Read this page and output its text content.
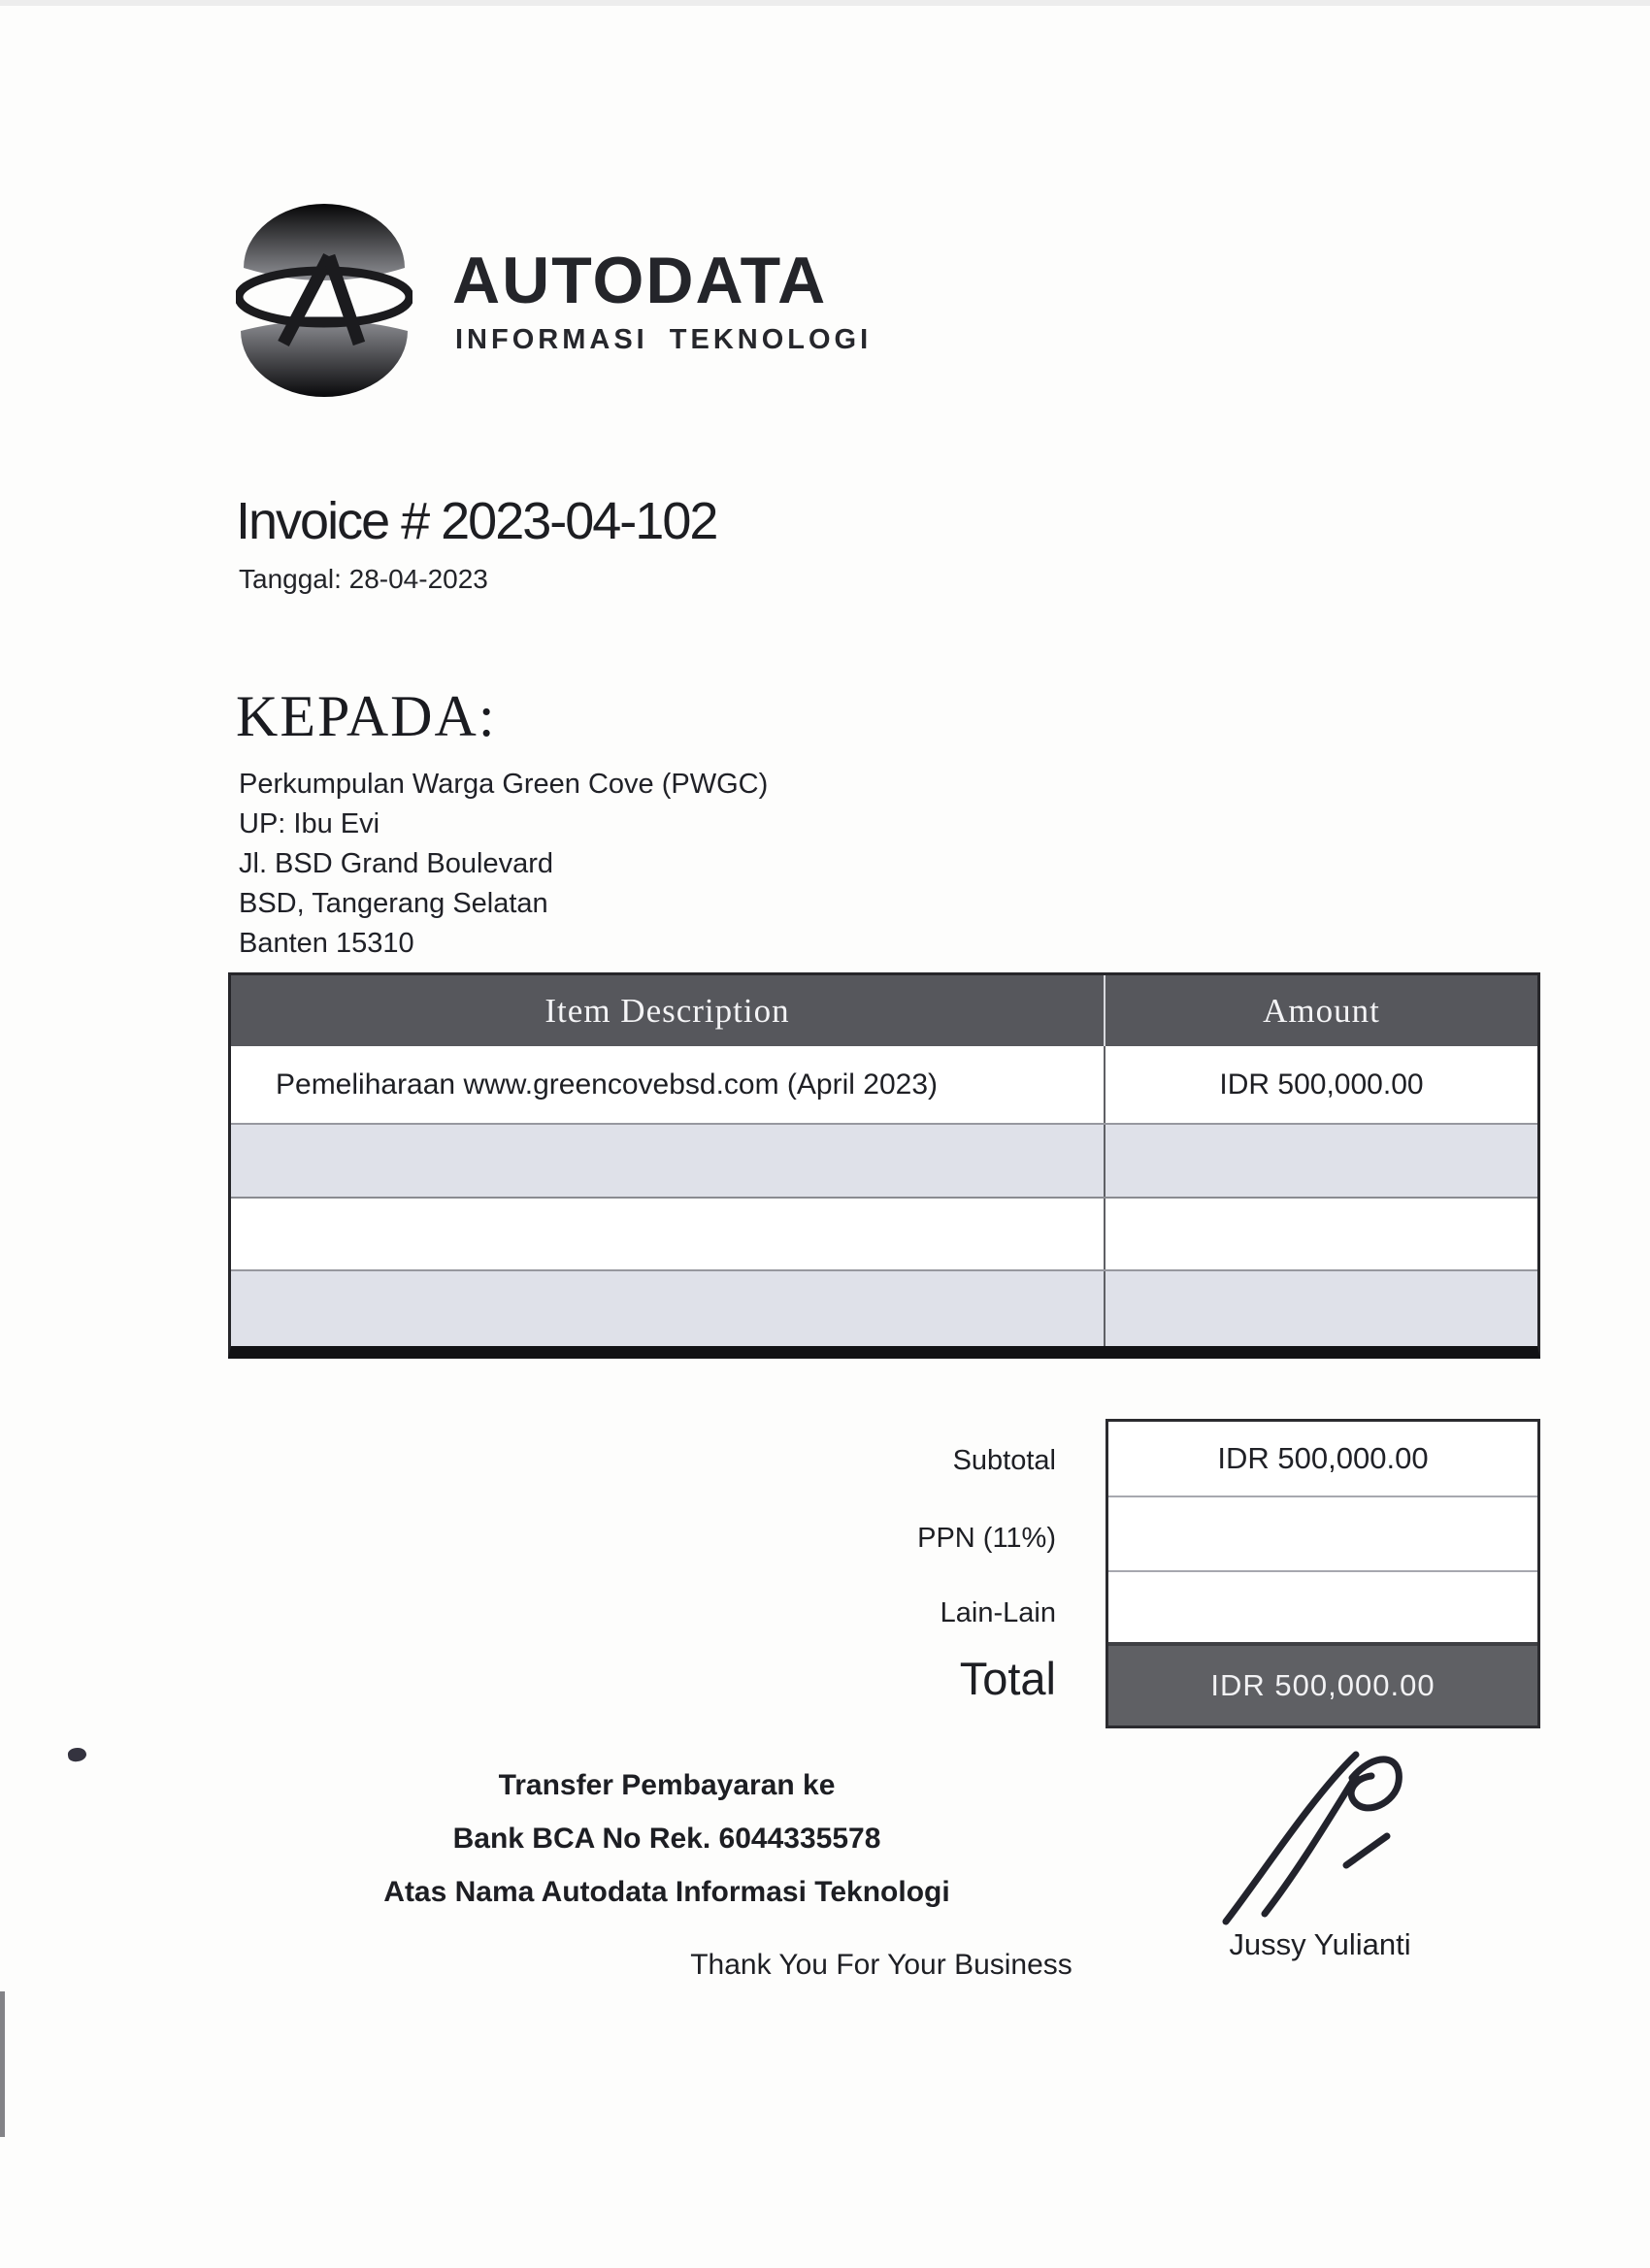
AUTODATA
INFORMASI TEKNOLOGI
Invoice # 2023-04-102
Tanggal: 28-04-2023
KEPADA:
Perkumpulan Warga Green Cove (PWGC)
UP: Ibu Evi
Jl. BSD Grand Boulevard
BSD, Tangerang Selatan
Banten 15310
Item Description	Amount
Pemeliharaan www.greencovebsd.com (April 2023)	IDR 500,000.00
Subtotal
PPN (11%)
Lain-Lain
Total
IDR 500,000.00
IDR 500,000.00
Transfer Pembayaran ke
Bank BCA No Rek. 6044335578
Atas Nama Autodata Informasi Teknologi
Jussy Yulianti
Thank You For Your Business
